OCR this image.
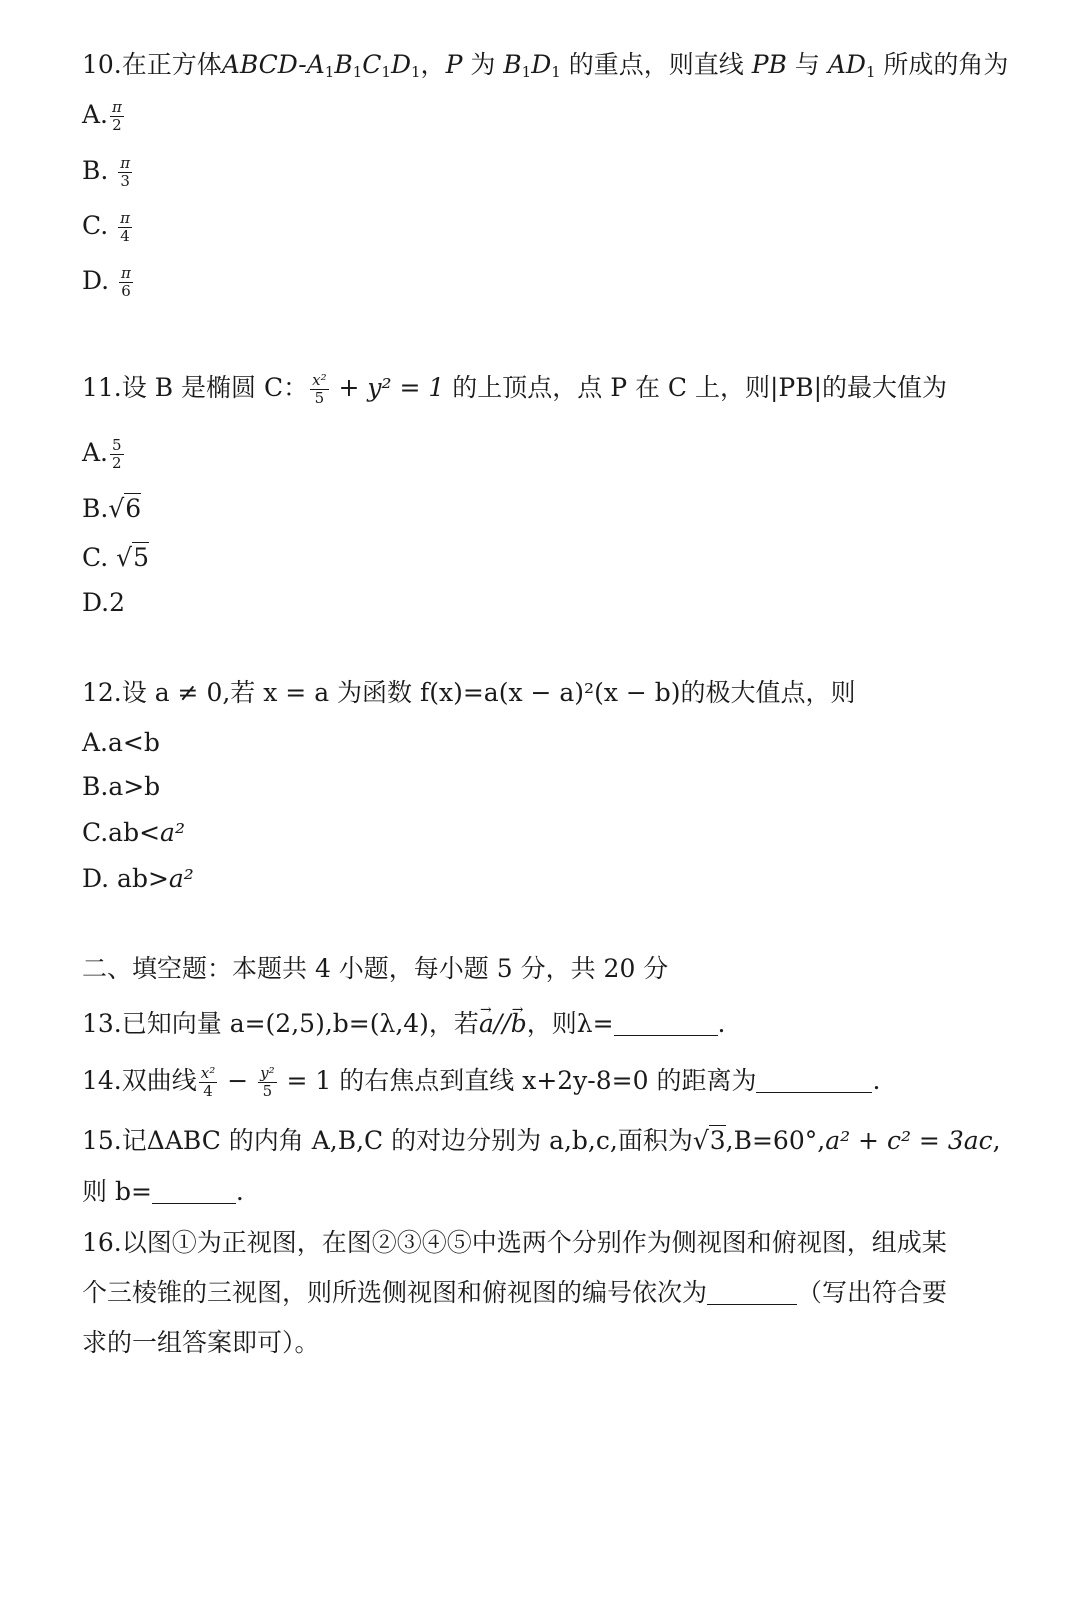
10.在正方体ABCD-$A_1B_1C_1D_1$，P 为 $B_1D_1$ 的重点，则直线 PB 与 $AD_1$ 所成的角为
A. $\frac{\pi}{2}$
B. $\frac{\pi}{3}$
C. $\frac{\pi}{4}$
D. $\frac{\pi}{6}$
11.设 B 是椭圆 C： $\frac{\text{x²}}{5} + y^2 = 1$ 的上顶点，点 P 在 C 上，则|PB|的最大值为
A. $\frac{5}{2}$
B.√6
C. √5
D.2
12.设 a ≠ 0,若 x = a 为函数 f(x)=a(x − a)²(x − b)的极大值点，则
A.a<b
B.a>b
C.ab<a²
D. ab>a²
二、填空题：本题共 4 小题，每小题 5 分，共 20 分
13.已知向量 a=(2,5),b=(λ,4)，若→ a//→ b，则λ=	.
14.双曲线 $\frac{\text{x²}}{4} - \frac{\text{y²}}{5} = 1$ 的右焦点到直线 x+2y-8=0 的距离为	.
15.记ΔABC 的内角 A,B,C 的对边分别为 a,b,c,面积为√3,B=60°,a² + c² = 3ac,
则 b=	.
16.以图①为正视图，在图②③④⑤中选两个分别作为侧视图和俯视图，组成某
个三棱锥的三视图，则所选侧视图和俯视图的编号依次为	（写出符合要
求的一组答案即可）。
